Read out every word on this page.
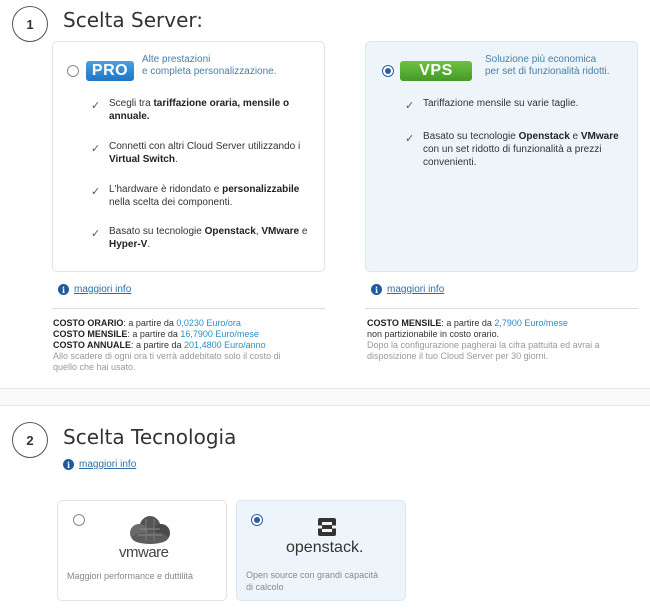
1	Scelta Server:
PRO
Alte prestazioni
e completa personalizzazione.
✓ Scegli tra tariffazione oraria, mensile o annuale.
✓ Connetti con altri Cloud Server utilizzando i Virtual Switch.
✓ L'hardware è ridondato e personalizzabile nella scelta dei componenti.
✓ Basato su tecnologie Openstack, VMware e Hyper-V.
VPS
Soluzione più economica
per set di funzionalità ridotti.
✓ Tariffazione mensile su varie taglie.
✓ Basato su tecnologie Openstack e VMware con un set ridotto di funzionalità a prezzi convenienti.
i maggiori info	i maggiori info
COSTO ORARIO: a partire da 0,0230 Euro/ora
COSTO MENSILE: a partire da 16,7900 Euro/mese
COSTO ANNUALE: a partire da 201,4800 Euro/anno
Allo scadere di ogni ora ti verrà addebitato solo il costo di
quello che hai usato.
COSTO MENSILE: a partire da 2,7900 Euro/mese
non partizionabile in costo orario.
Dopo la configurazione pagherai la cifra pattuita ed avrai a
disposizione il tuo Cloud Server per 30 giorni.
2	Scelta Tecnologia
i maggiori info
vmware
Maggiori performance e duttilità
openstack.
Open source con grandi capacità
di calcolo
